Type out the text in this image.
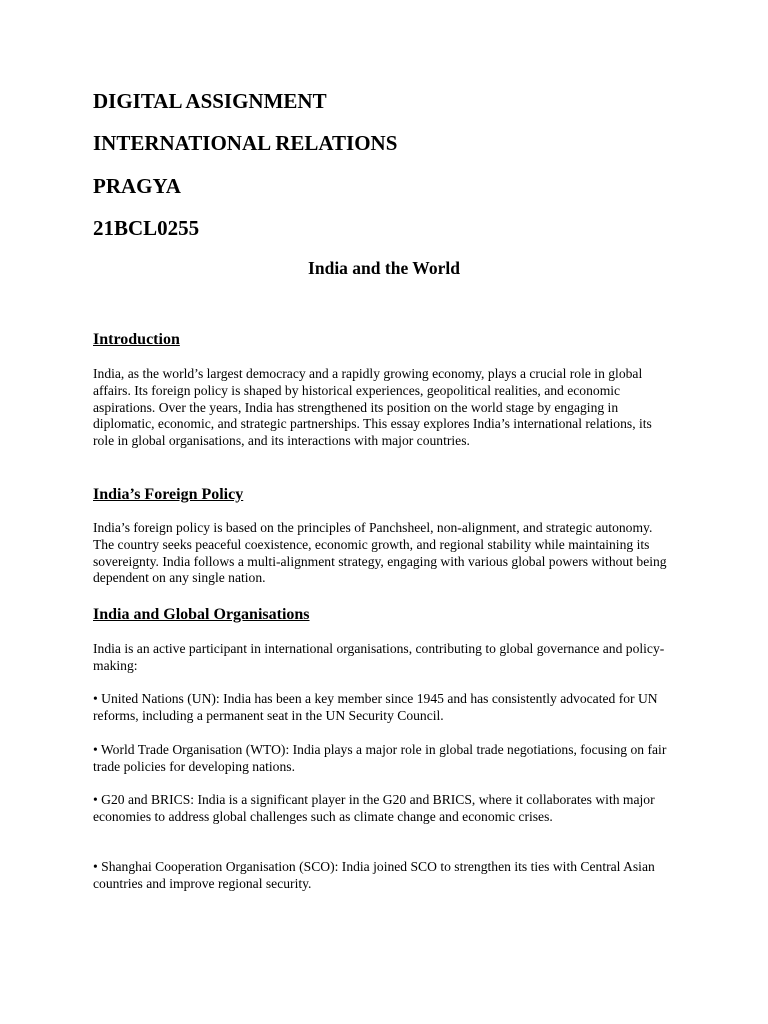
DIGITAL ASSIGNMENT
INTERNATIONAL RELATIONS
PRAGYA
21BCL0255
India and the World
Introduction

India, as the world’s largest democracy and a rapidly growing economy, plays a crucial role in global affairs. Its foreign policy is shaped by historical experiences, geopolitical realities, and economic aspirations. Over the years, India has strengthened its position on the world stage by engaging in diplomatic, economic, and strategic partnerships. This essay explores India’s international relations, its role in global organisations, and its interactions with major countries.

India’s Foreign Policy

India’s foreign policy is based on the principles of Panchsheel, non-alignment, and strategic autonomy. The country seeks peaceful coexistence, economic growth, and regional stability while maintaining its sovereignty. India follows a multi-alignment strategy, engaging with various global powers without being dependent on any single nation.

India and Global Organisations

India is an active participant in international organisations, contributing to global governance and policy-making:

• United Nations (UN): India has been a key member since 1945 and has consistently advocated for UN reforms, including a permanent seat in the UN Security Council.

• World Trade Organisation (WTO): India plays a major role in global trade negotiations, focusing on fair trade policies for developing nations.

• G20 and BRICS: India is a significant player in the G20 and BRICS, where it collaborates with major economies to address global challenges such as climate change and economic crises.

• Shanghai Cooperation Organisation (SCO): India joined SCO to strengthen its ties with Central Asian countries and improve regional security.
